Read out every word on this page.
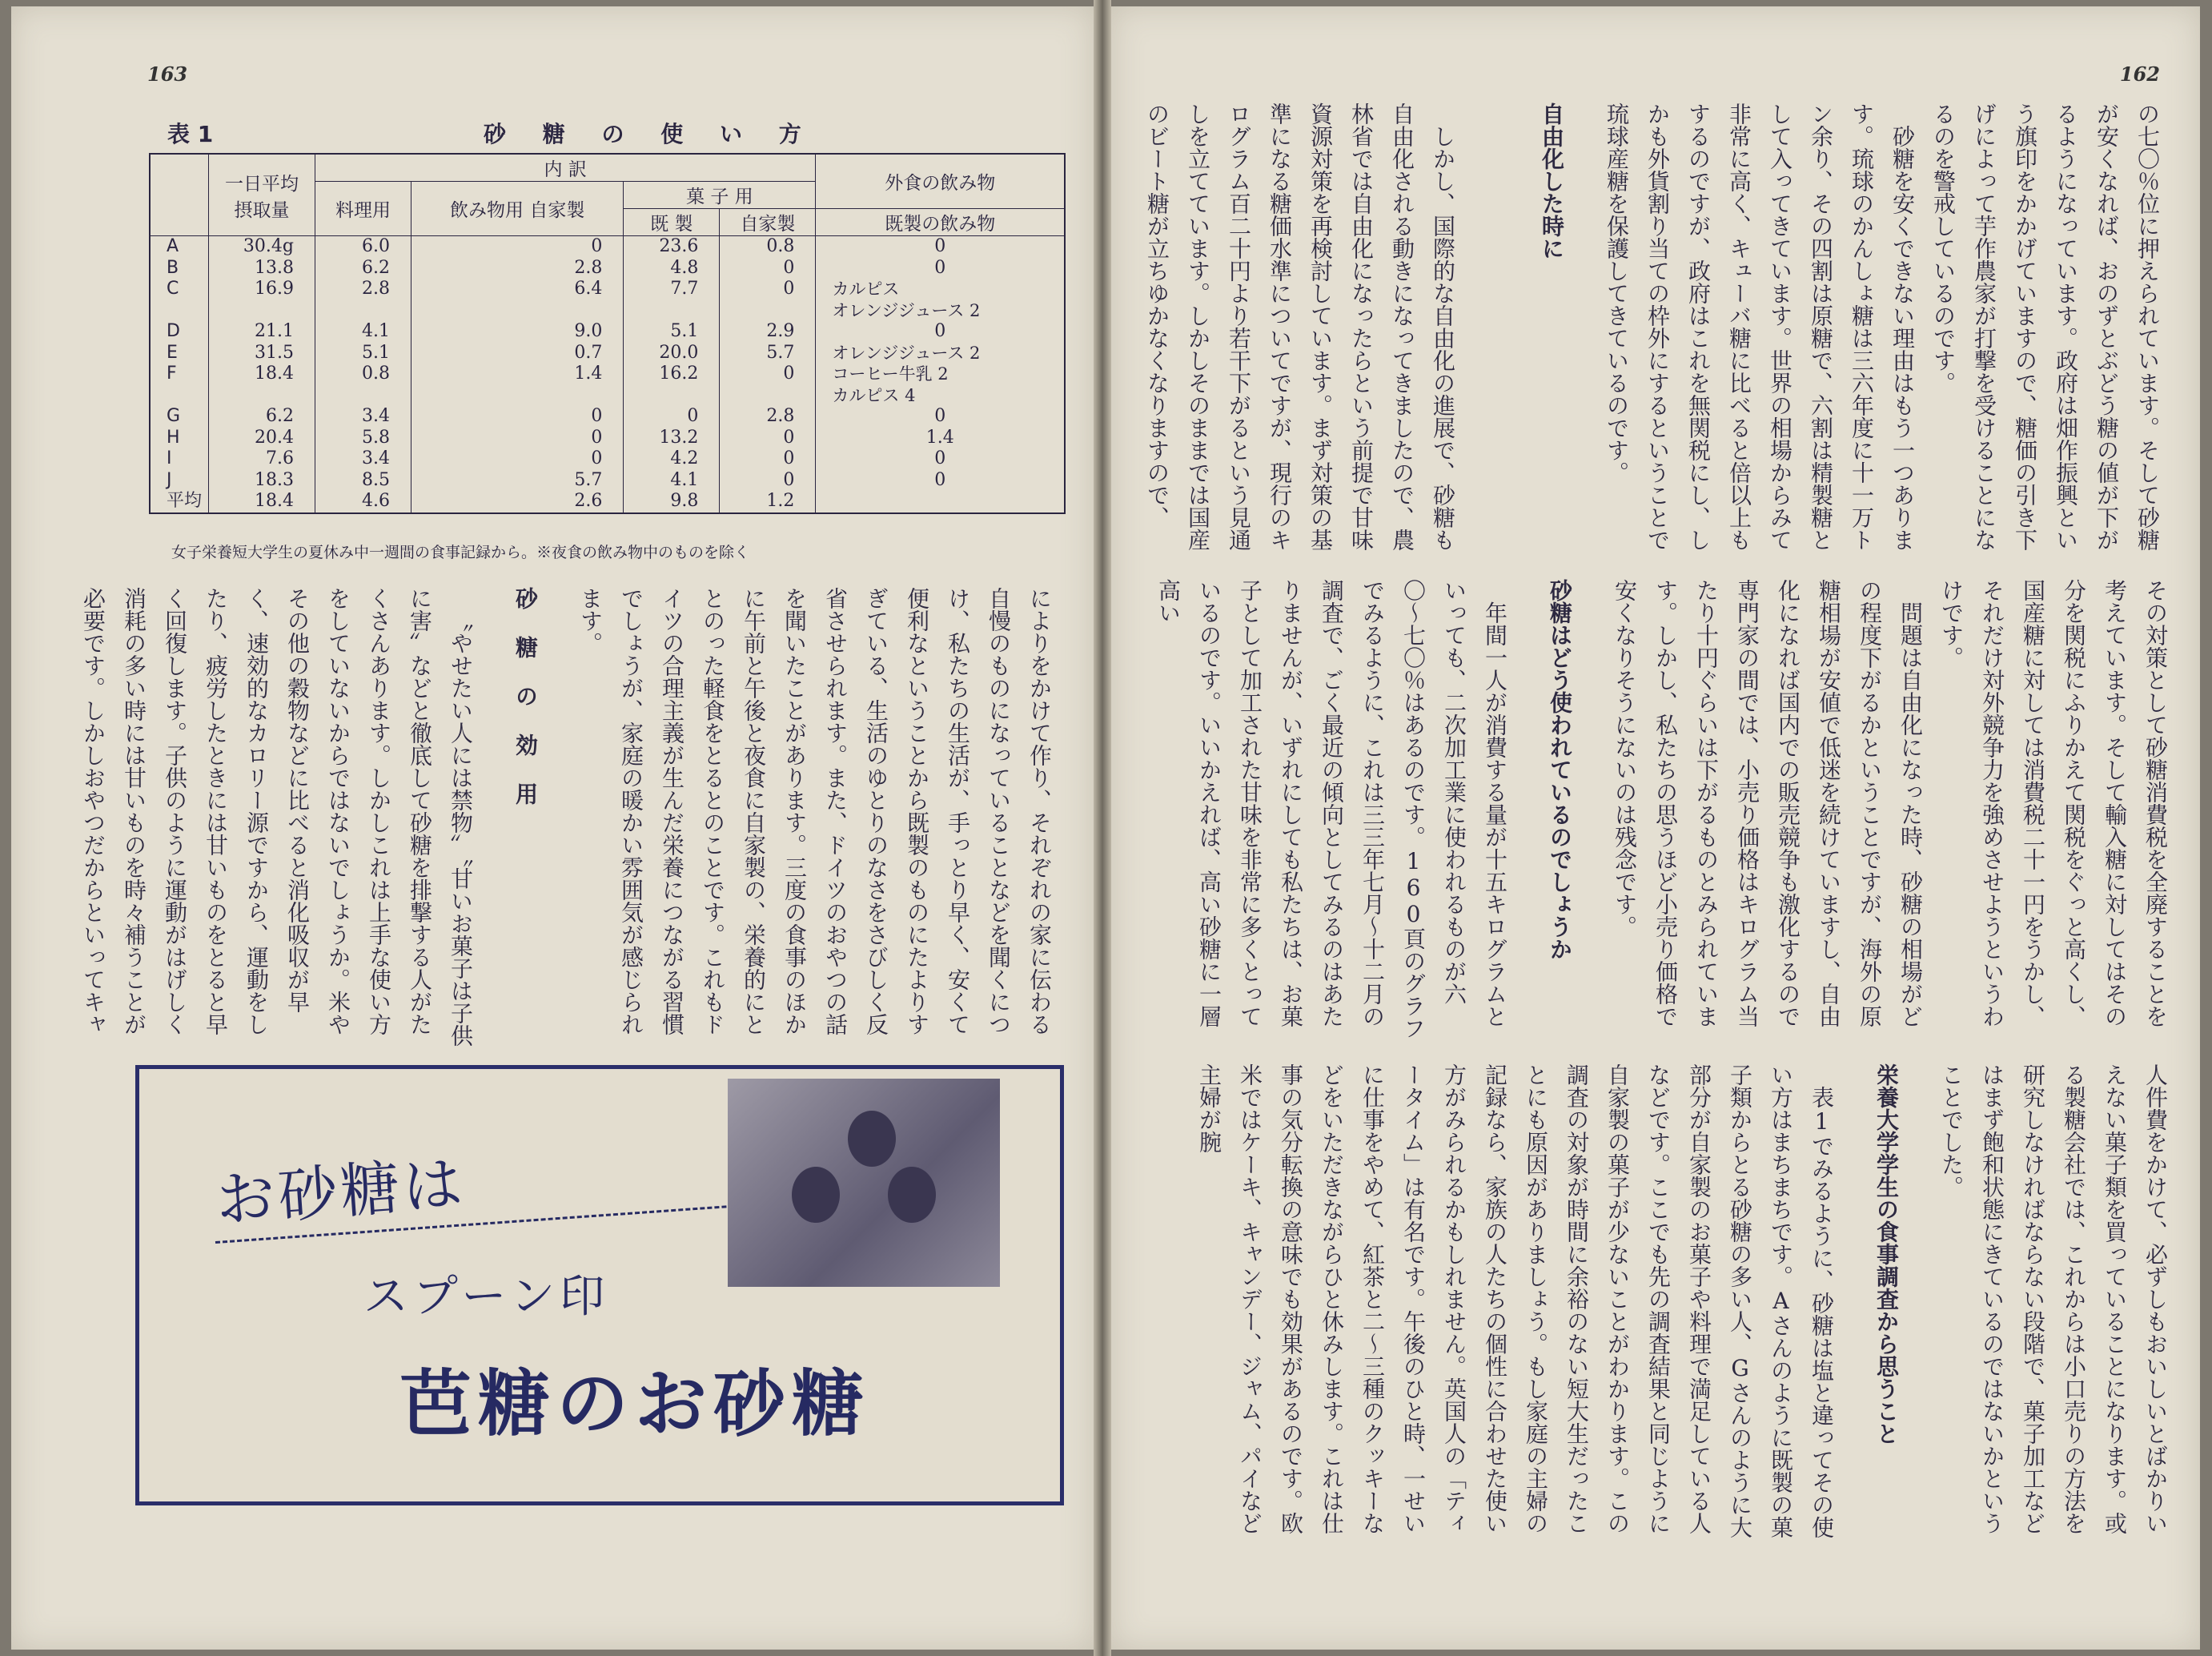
163
表 1	砂 糖 の 使 い 方
	一日平均 摂取量	内 訳				外食の飲み物
		料理用	飲み物用 自家製	菓 子 用		
				既 製	自家製	既製の飲み物
A	30.4g	6.0	0	23.6	0.8	0
B	13.8	6.2	2.8	4.8	0	0
C	16.9	2.8	6.4	7.7	0	カルピス
						オレンジジュース 2
D	21.1	4.1	9.0	5.1	2.9	0
E	31.5	5.1	0.7	20.0	5.7	オレンジジュース 2
F	18.4	0.8	1.4	16.2	0	コーヒー牛乳 2
						カルピス 4
G	6.2	3.4	0	0	2.8	0
H	20.4	5.8	0	13.2	0	1.4
I	7.6	3.4	0	4.2	0	0
J	18.3	8.5	5.7	4.1	0	0
平均	18.4	4.6	2.6	9.8	1.2	
女子栄養短大学生の夏休み中一週間の食事記録から。※夜食の飲み物中のものを除く

によりをかけて作り、それぞれの家に伝わる自慢のものになっていることなどを聞くにつけ、私たちの生活が、手っとり早く、安くて便利なということから既製のものにたよりすぎている、生活のゆとりのなさをさびしく反省させられます。また、ドイツのおやつの話を聞いたことがあります。三度の食事のほかに午前と午後と夜食に自家製の、栄養的にととのった軽食をとるとのことです。これもドイツの合理主義が生んだ栄養につながる習慣でしょうが、家庭の暖かい雰囲気が感じられます。

砂 糖 の 効 用

〝やせたい人には禁物〟〝甘いお菓子は子供に害〟などと徹底して砂糖を排撃する人がたくさんあります。しかしこれは上手な使い方をしていないからではないでしょうか。米やその他の穀物などに比べると消化吸収が早く、速効的なカロリー源ですから、運動をしたり、疲労したときには甘いものをとると早く回復します。子供のように運動がはげしく消耗の多い時には甘いものを時々補うことが必要です。しかしおやつだからといってキャ

お砂糖は
スプーン印
芭糖のお砂糖
162

の七〇％位に押えられています。そして砂糖が安くなれば、おのずとぶどう糖の値が下がるようになっています。政府は畑作振興という旗印をかかげていますので、糖価の引き下げによって芋作農家が打撃を受けることになるのを警戒しているのです。

砂糖を安くできない理由はもう一つあります。琉球のかんしょ糖は三六年度に十一万トン余り、その四割は原糖で、六割は精製糖として入ってきています。世界の相場からみて非常に高く、キューバ糖に比べると倍以上もするのですが、政府はこれを無関税にし、しかも外貨割り当ての枠外にするということで琉球産糖を保護してきているのです。

自由化した時に

しかし、国際的な自由化の進展で、砂糖も自由化される動きになってきましたので、農林省では自由化になったらという前提で甘味資源対策を再検討しています。まず対策の基準になる糖価水準についてですが、現行のキログラム百二十円より若干下がるという見通しを立てています。しかしそのままでは国産のビート糖が立ちゆかなくなりますので、

その対策として砂糖消費税を全廃することを考えています。そして輸入糖に対してはその分を関税にふりかえて関税をぐっと高くし、国産糖に対しては消費税二十一円をうかし、それだけ対外競争力を強めさせようというわけです。

問題は自由化になった時、砂糖の相場がどの程度下がるかということですが、海外の原糖相場が安値で低迷を続けていますし、自由化になれば国内での販売競争も激化するので専門家の間では、小売り価格はキログラム当たり十円ぐらいは下がるものとみられています。しかし、私たちの思うほど小売り価格で安くなりそうにないのは残念です。

砂糖はどう使われているのでしょうか

年間一人が消費する量が十五キログラムといっても、二次加工業に使われるものが六〇〜七〇％はあるのです。160頁のグラフでみるように、これは三三年七月〜十二月の調査で、ごく最近の傾向としてみるのはあたりませんが、いずれにしても私たちは、お菓子として加工された甘味を非常に多くとっているのです。いいかえれば、高い砂糖に一層高い

人件費をかけて、必ずしもおいしいとばかりいえない菓子類を買っていることになります。或る製糖会社では、これからは小口売りの方法を研究しなければならない段階で、菓子加工などはまず飽和状態にきているのではないかということでした。

栄養大学学生の食事調査から思うこと

表1でみるように、砂糖は塩と違ってその使い方はまちまちです。Aさんのように既製の菓子類からとる砂糖の多い人、Gさんのように大部分が自家製のお菓子や料理で満足している人などです。ここでも先の調査結果と同じように自家製の菓子が少ないことがわかります。この調査の対象が時間に余裕のない短大生だったことにも原因がありましょう。もし家庭の主婦の記録なら、家族の人たちの個性に合わせた使い方がみられるかもしれません。英国人の「ティータイム」は有名です。午後のひと時、一せいに仕事をやめて、紅茶と二〜三種のクッキーなどをいただきながらひと休みします。これは仕事の気分転換の意味でも効果があるのです。欧米ではケーキ、キャンデー、ジャム、パイなど主婦が腕
